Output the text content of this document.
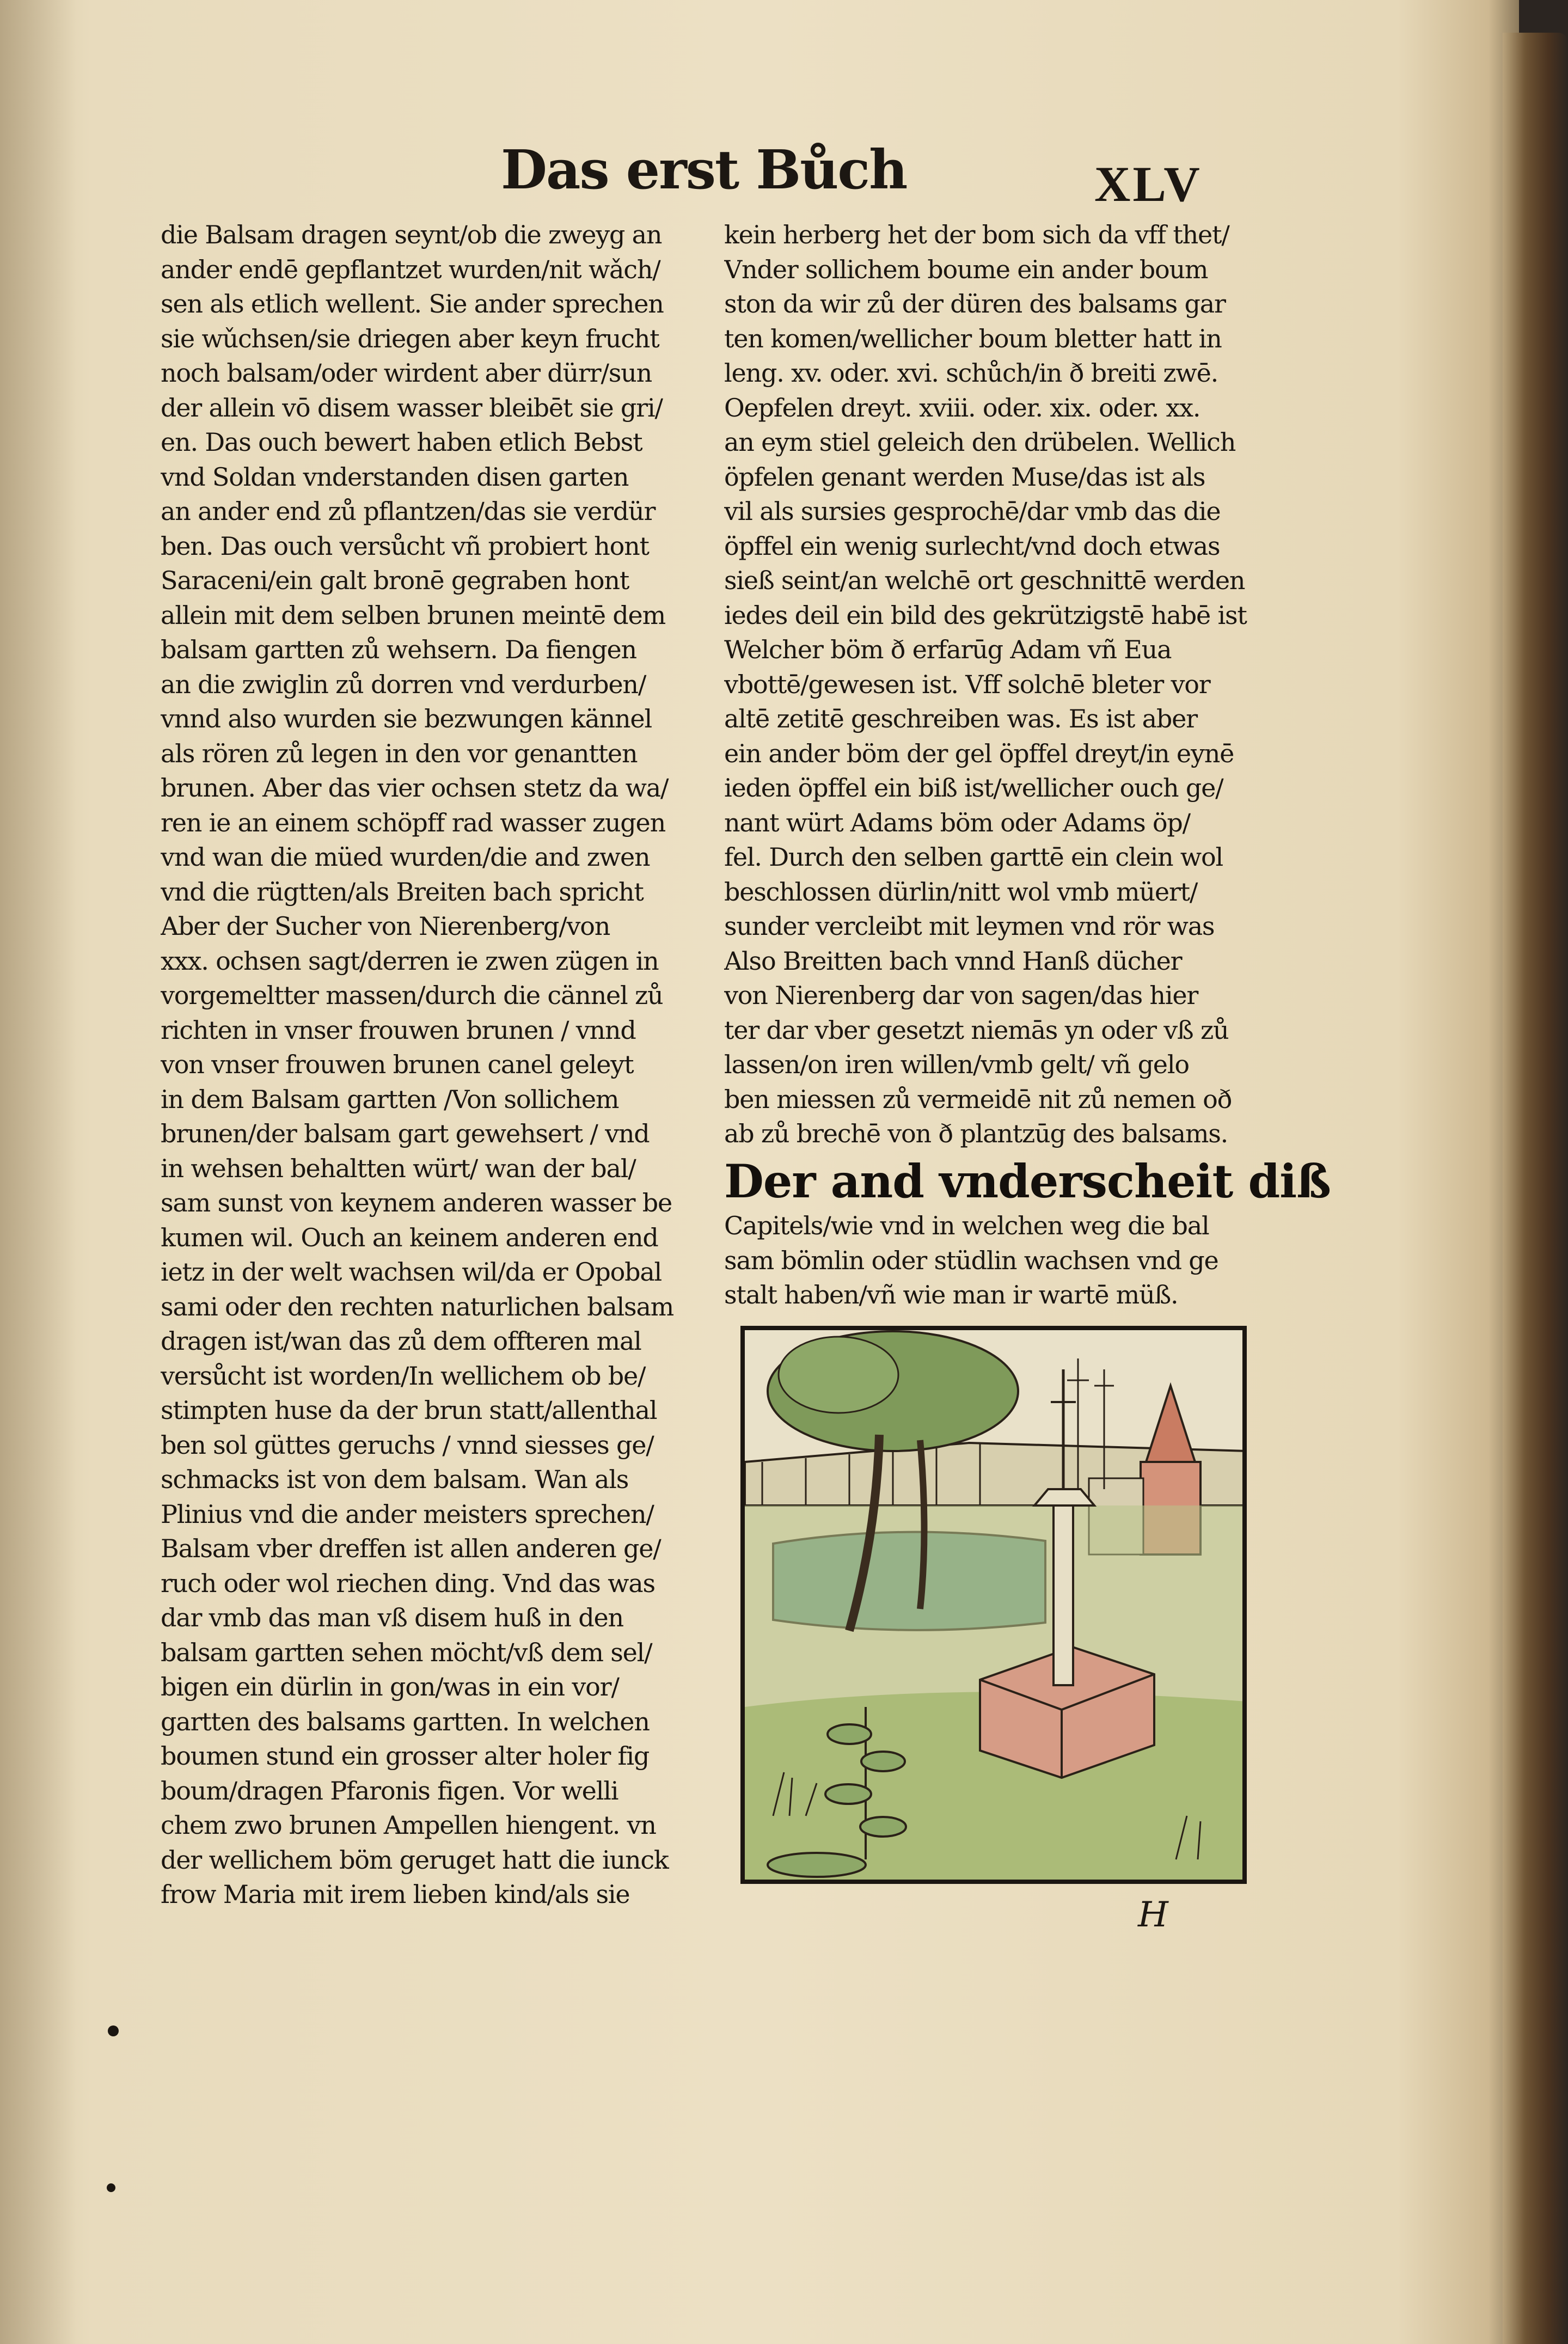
Das erst Bůch	XLV
die Balsam dragen seynt/ob die zweyg an
ander endē gepflantzet wurden/nit wǎch/
sen als etlich wellent. Sie ander sprechen
sie wǔchsen/sie driegen aber keyn frucht
noch balsam/oder wirdent aber dürr/sun
der allein vō disem wasser bleibēt sie gri/
en. Das ouch bewert haben etlich Bebst
vnd Soldan vnderstanden disen garten
an ander end zů pflantzen/das sie verdür
ben. Das ouch versůcht vñ probiert hont
Saraceni/ein galt bronē gegraben hont
allein mit dem selben brunen meintē dem
balsam gartten zů wehsern. Da fiengen
an die zwiglin zů dorren vnd verdurben/
vnnd also wurden sie bezwungen kännel
als rören zů legen in den vor genantten
brunen. Aber das vier ochsen stetz da wa/
ren ie an einem schöpff rad wasser zugen
vnd wan die müed wurden/die and zwen
vnd die rügtten/als Breiten bach spricht
Aber der Sucher von Nierenberg/von
xxx. ochsen sagt/derren ie zwen zügen in
vorgemeltter massen/durch die cännel zů
richten in vnser frouwen brunen / vnnd
von vnser frouwen brunen canel geleyt
in dem Balsam gartten /Von sollichem
brunen/der balsam gart gewehsert / vnd
in wehsen behaltten würt/ wan der bal/
sam sunst von keynem anderen wasser be
kumen wil. Ouch an keinem anderen end
ietz in der welt wachsen wil/da er Opobal
sami oder den rechten naturlichen balsam
dragen ist/wan das zů dem offteren mal
versůcht ist worden/In wellichem ob be/
stimpten huse da der brun statt/allenthal
ben sol güttes geruchs / vnnd siesses ge/
schmacks ist von dem balsam. Wan als
Plinius vnd die ander meisters sprechen/
Balsam vber dreffen ist allen anderen ge/
ruch oder wol riechen ding. Vnd das was
dar vmb das man vß disem huß in den
balsam gartten sehen möcht/vß dem sel/
bigen ein dürlin in gon/was in ein vor/
gartten des balsams gartten. In welchen
boumen stund ein grosser alter holer fig
boum/dragen Pfaronis figen. Vor welli
chem zwo brunen Ampellen hiengent. vn
der wellichem böm geruget hatt die iunck
frow Maria mit irem lieben kind/als sie
kein herberg het der bom sich da vff thet/
Vnder sollichem boume ein ander boum
ston da wir zů der düren des balsams gar
ten komen/wellicher boum bletter hatt in
leng. xv. oder. xvi. schůch/in ð breiti zwē.
Oepfelen dreyt. xviii. oder. xix. oder. xx.
an eym stiel geleich den drübelen. Wellich
öpfelen genant werden Muse/das ist als
vil als sursies gesprochē/dar vmb das die
öpffel ein wenig surlecht/vnd doch etwas
sieß seint/an welchē ort geschnittē werden
iedes deil ein bild des gekrützigstē habē ist
Welcher böm ð erfarūg Adam vñ Eua
vbottē/gewesen ist. Vff solchē bleter vor
altē zetitē geschreiben was. Es ist aber
ein ander böm der gel öpffel dreyt/in eynē
ieden öpffel ein biß ist/wellicher ouch ge/
nant würt Adams böm oder Adams öp/
fel. Durch den selben garttē ein clein wol
beschlossen dürlin/nitt wol vmb müert/
sunder vercleibt mit leymen vnd rör was
Also Breitten bach vnnd Hanß dücher
von Nierenberg dar von sagen/das hier
ter dar vber gesetzt niemās yn oder vß zů
lassen/on iren willen/vmb gelt/ vñ gelo
ben miessen zů vermeidē nit zů nemen oð
ab zů brechē von ð plantzūg des balsams.
Der and vnderscheit diß
Capitels/wie vnd in welchen weg die bal
sam bömlin oder stüdlin wachsen vnd ge
stalt haben/vñ wie man ir wartē müß.
H
